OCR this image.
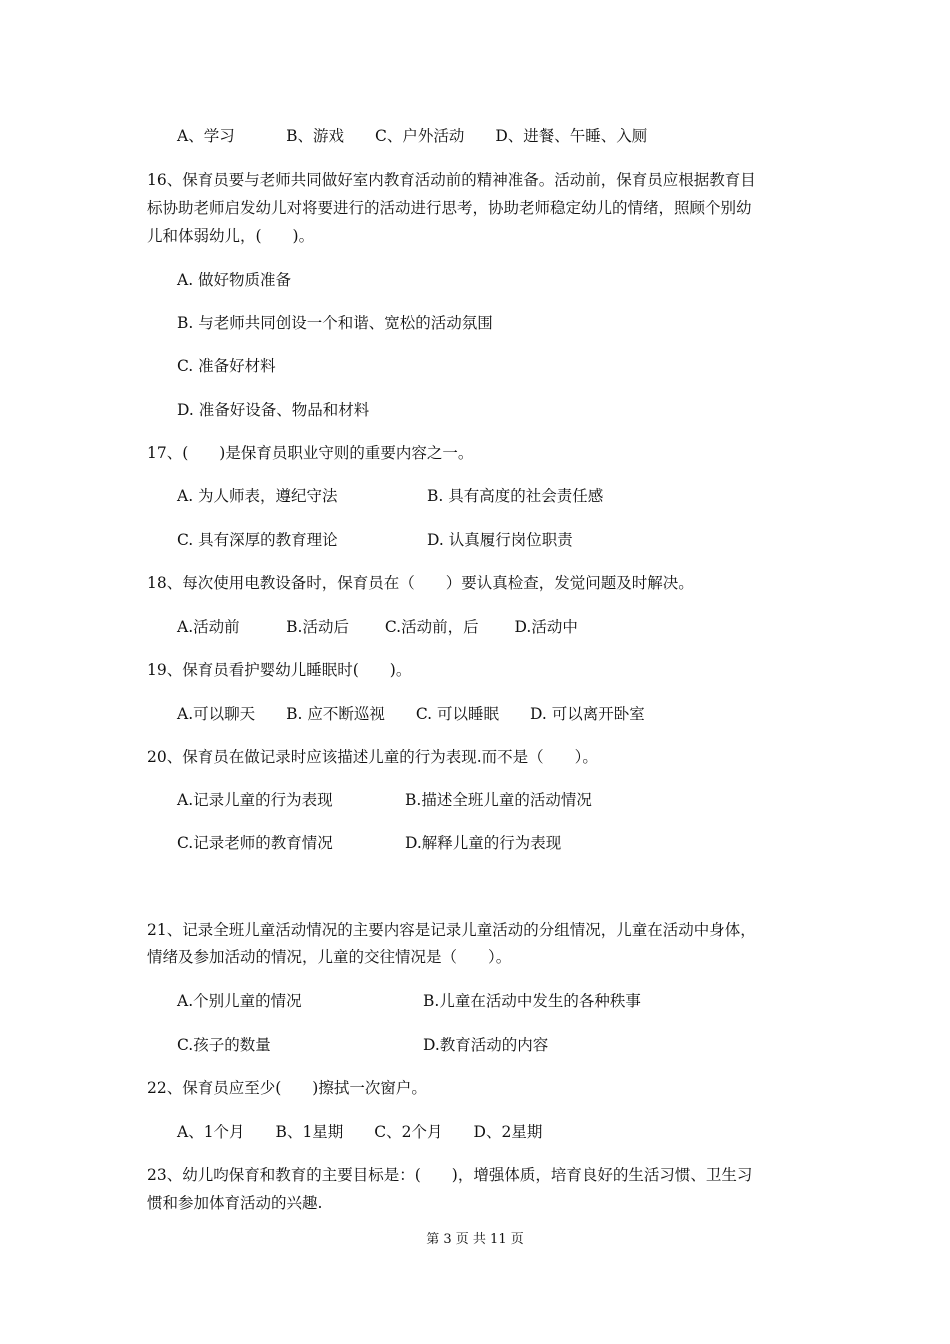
A、学习　　　 B、游戏　　C、户外活动　　D、进餐、午睡、入厕
16、保育员要与老师共同做好室内教育活动前的精神准备。活动前，保育员应根据教育目
标协助老师启发幼儿对将要进行的活动进行思考，协助老师稳定幼儿的情绪，照顾个别幼
儿和体弱幼儿，(　　)。
A. 做好物质准备
B. 与老师共同创设一个和谐、宽松的活动氛围
C. 准备好材料
D. 准备好设备、物品和材料
17、(　　)是保育员职业守则的重要内容之一。
A. 为人师表，遵纪守法	B. 具有高度的社会责任感
C. 具有深厚的教育理论	D. 认真履行岗位职责
18、每次使用电教设备时，保育员在（　　）要认真检查，发觉问题及时解决。
A.活动前　　　B.活动后　　 C.活动前，后　　 D.活动中
19、保育员看护婴幼儿睡眠时(　　)。
A.可以聊天　　B. 应不断巡视　　C. 可以睡眠　　D. 可以离开卧室
20、保育员在做记录时应该描述儿童的行为表现.而不是（　　）。
A.记录儿童的行为表现	B.描述全班儿童的活动情况
C.记录老师的教育情况	D.解释儿童的行为表现
21、记录全班儿童活动情况的主要内容是记录儿童活动的分组情况，儿童在活动中身体，
情绪及参加活动的情况，儿童的交往情况是（　　）。
A.个别儿童的情况	B.儿童在活动中发生的各种秩事
C.孩子的数量	D.教育活动的内容
22、保育员应至少(　　)擦拭一次窗户。
A、1个月　　B、1星期　　C、2个月　　D、2星期
23、幼儿呁保育和教育的主要目标是：(　　)，增强体质，培育良好的生活习惯、卫生习
惯和参加体育活动的兴趣.
第 3 页 共 11 页
